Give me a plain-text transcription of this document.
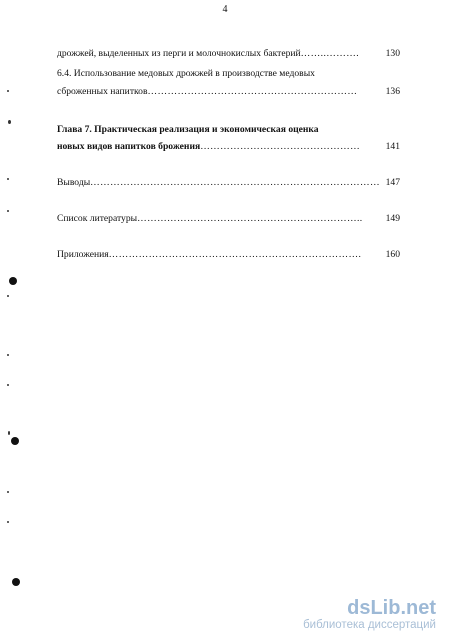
4
дрожжей, выделенных из перги и молочнокислых бактерий ……..……….	130
6.4. Использование медовых дрожжей в производстве медовых
сброженных напитков ………………………………………………………	136
Глава 7. Практическая реализация и экономическая оценка
новых видов напитков брожения …………………………………………	141
Выводы …………………………………………………………………………… 147
Список литературы …………………………………………………………..	149
Приложения ………………………………………………………………….	160
dsLib.net
библиотека диссертаций
